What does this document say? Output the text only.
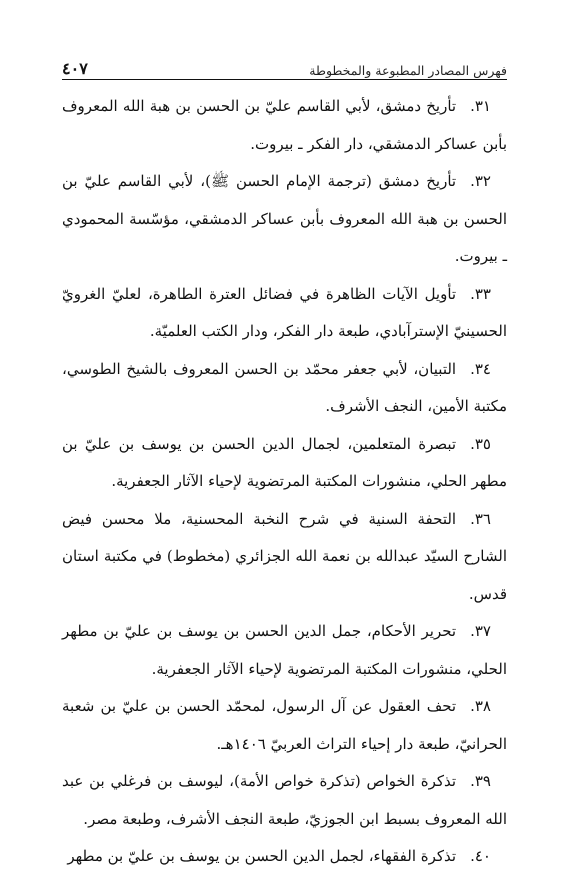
فهرس المصادر المطبوعة والمخطوطة
٤٠٧

٣١.تأريخ دمشق، لأبي القاسم عليّ بن الحسن بن هبة الله المعروف بأبن عساكر الدمشقي، دار الفكر ـ بيروت.

٣٢.تأريخ دمشق (ترجمة الإمام الحسن ﷺ)، لأبي القاسم عليّ بن الحسن بن هبة الله المعروف بأبن عساكر الدمشقي، مؤسّسة المحمودي ـ بيروت.

٣٣.تأويل الآيات الظاهرة في فضائل العترة الطاهرة، لعليّ الغرويّ الحسينيّ الإسترآبادي، طبعة دار الفكر، ودار الكتب العلميّة.

٣٤.التبيان، لأبي جعفر محمّد بن الحسن المعروف بالشيخ الطوسي، مكتبة الأمين، النجف الأشرف.

٣٥.تبصرة المتعلمين، لجمال الدين الحسن بن يوسف بن عليّ بن مطهر الحلي، منشورات المكتبة المرتضوية لإحياء الآثار الجعفرية.

٣٦.التحفة السنية في شرح النخبة المحسنية، ملا محسن فيض الشارح السيّد عبدالله بن نعمة الله الجزائري (مخطوط) في مكتبة استان قدس.

٣٧.تحرير الأحكام، جمل الدين الحسن بن يوسف بن عليّ بن مطهر الحلي، منشورات المكتبة المرتضوية لإحياء الآثار الجعفرية.

٣٨.تحف العقول عن آل الرسول، لمحمّد الحسن بن عليّ بن شعبة الحرانيّ، طبعة دار إحياء التراث العربيّ ١٤٠٦هـ.

٣٩.تذكرة الخواص (تذكرة خواص الأمة)، ليوسف بن فرغلي بن عبد الله المعروف بسبط ابن الجوزيّ، طبعة النجف الأشرف، وطبعة مصر.

٤٠.تذكرة الفقهاء، لجمل الدين الحسن بن يوسف بن عليّ بن مطهر
